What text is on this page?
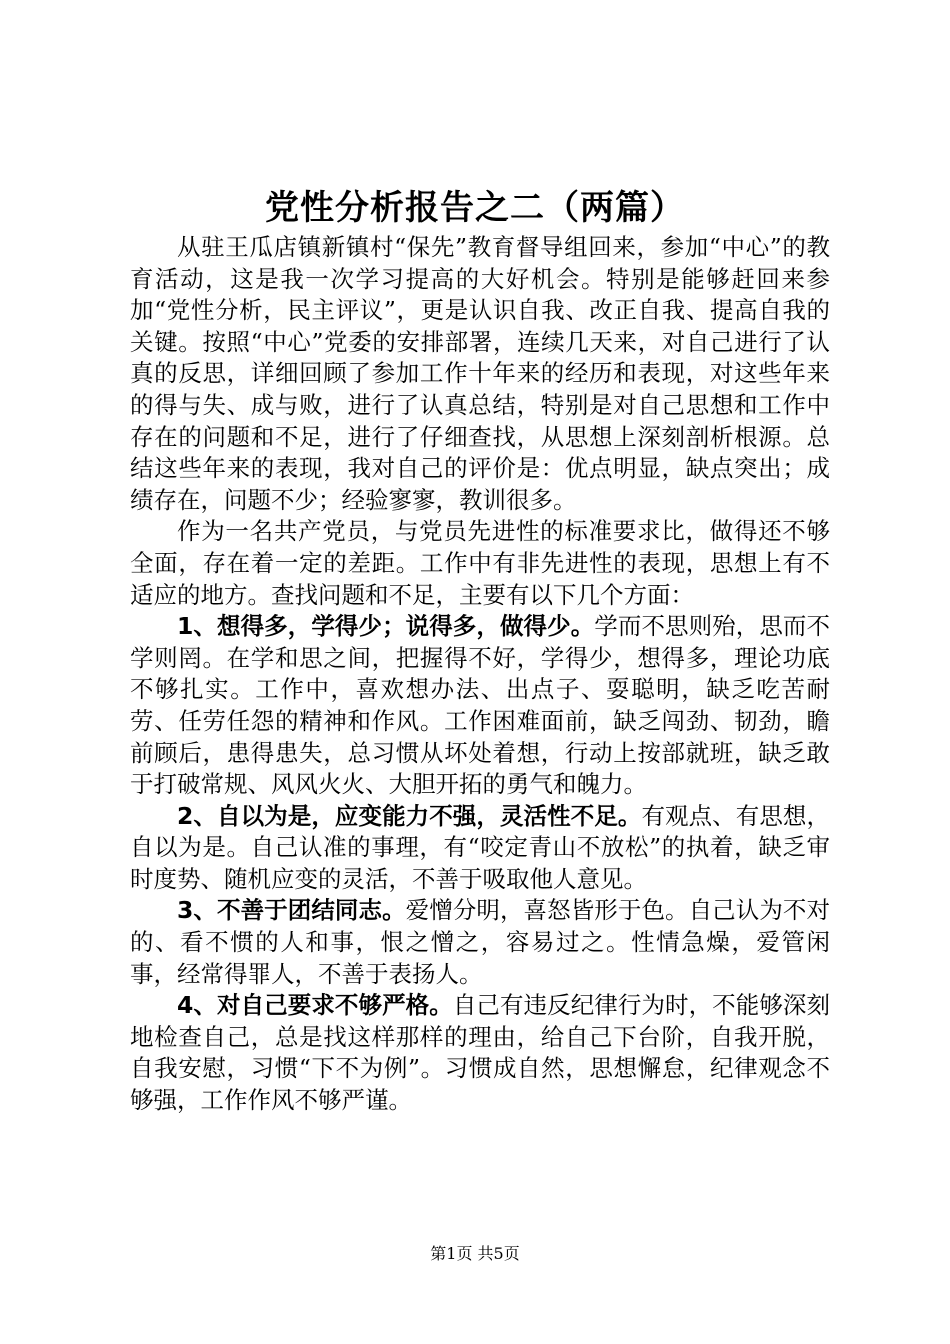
党性分析报告之二（两篇）

从驻王瓜店镇新镇村“保先”教育督导组回来，参加“中心”的教育活动，这是我一次学习提高的大好机会。特别是能够赶回来参加“党性分析，民主评议”，更是认识自我、改正自我、提高自我的关键。按照“中心”党委的安排部署，连续几天来，对自己进行了认真的反思，详细回顾了参加工作十年来的经历和表现，对这些年来的得与失、成与败，进行了认真总结，特别是对自己思想和工作中存在的问题和不足，进行了仔细查找，从思想上深刻剖析根源。总结这些年来的表现，我对自己的评价是：优点明显，缺点突出；成绩存在，问题不少；经验寥寥，教训很多。

作为一名共产党员，与党员先进性的标准要求比，做得还不够全面，存在着一定的差距。工作中有非先进性的表现，思想上有不适应的地方。查找问题和不足，主要有以下几个方面：

1、想得多，学得少；说得多，做得少。学而不思则殆，思而不学则罔。在学和思之间，把握得不好，学得少，想得多，理论功底不够扎实。工作中，喜欢想办法、出点子、耍聪明，缺乏吃苦耐劳、任劳任怨的精神和作风。工作困难面前，缺乏闯劲、韧劲，瞻前顾后，患得患失，总习惯从坏处着想，行动上按部就班，缺乏敢于打破常规、风风火火、大胆开拓的勇气和魄力。

2、自以为是，应变能力不强，灵活性不足。有观点、有思想，自以为是。自己认准的事理，有“咬定青山不放松”的执着，缺乏审时度势、随机应变的灵活，不善于吸取他人意见。

3、不善于团结同志。爱憎分明，喜怒皆形于色。自己认为不对的、看不惯的人和事，恨之憎之，容易过之。性情急燥，爱管闲事，经常得罪人，不善于表扬人。

4、对自己要求不够严格。自己有违反纪律行为时，不能够深刻地检查自己，总是找这样那样的理由，给自己下台阶，自我开脱，自我安慰，习惯“下不为例”。习惯成自然，思想懈怠，纪律观念不够强，工作作风不够严谨。

第1页 共5页
